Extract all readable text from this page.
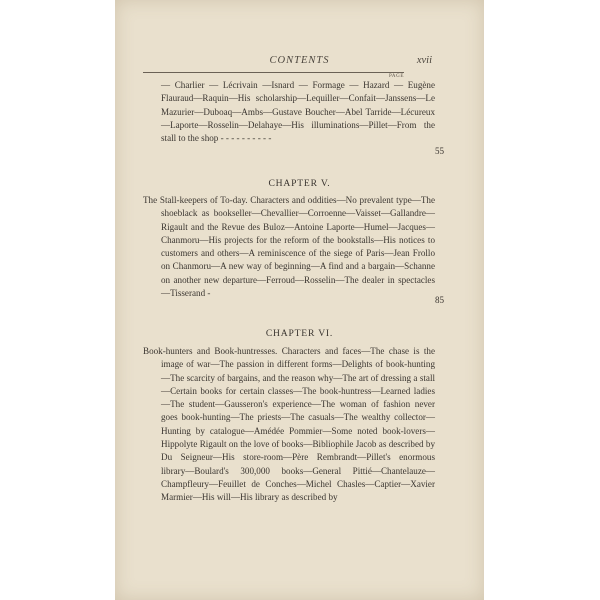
CONTENTS	xvii
PAGE
— Charlier — Lécrivain —Isnard — Formage — Hazard — Eugène Flauraud—Raquin—His scholarship—Lequiller—Confait—Janssens—Le Mazurier—Duboaq—Ambs—Gustave Boucher—Abel Tarride—Lécureux—Laporte—Rosselin—Delahaye—His illuminations—Pillet—From the stall to the shop - - - - - - - - - -
55
CHAPTER V.
The Stall-keepers of To-day. Characters and oddities—No prevalent type—The shoeblack as bookseller—Chevallier—Corroenne—Vaisset—Gallandre—Rigault and the Revue des Buloz—Antoine Laporte—Humel—Jacques—Chanmoru—His projects for the reform of the bookstalls—His notices to customers and others—A reminiscence of the siege of Paris—Jean Frollo on Chanmoru—A new way of beginning—A find and a bargain—Schanne on another new departure—Ferroud—Rosselin—The dealer in spectacles—Tisserand -
85
CHAPTER VI.
Book-hunters and Book-huntresses. Characters and faces—The chase is the image of war—The passion in different forms—Delights of book-hunting—The scarcity of bargains, and the reason why—The art of dressing a stall—Certain books for certain classes—The book-huntress—Learned ladies—The student—Gausseron's experience—The woman of fashion never goes book-hunting—The priests—The casuals—The wealthy collector—Hunting by catalogue—Amédée Pommier—Some noted book-lovers—Hippolyte Rigault on the love of books—Bibliophile Jacob as described by Du Seigneur—His store-room—Père Rembrandt—Pillet's enormous library—Boulard's 300,000 books—General Pittié—Chantelauze—Champfleury—Feuillet de Conches—Michel Chasles—Captier—Xavier Marmier—His will—His library as described by
